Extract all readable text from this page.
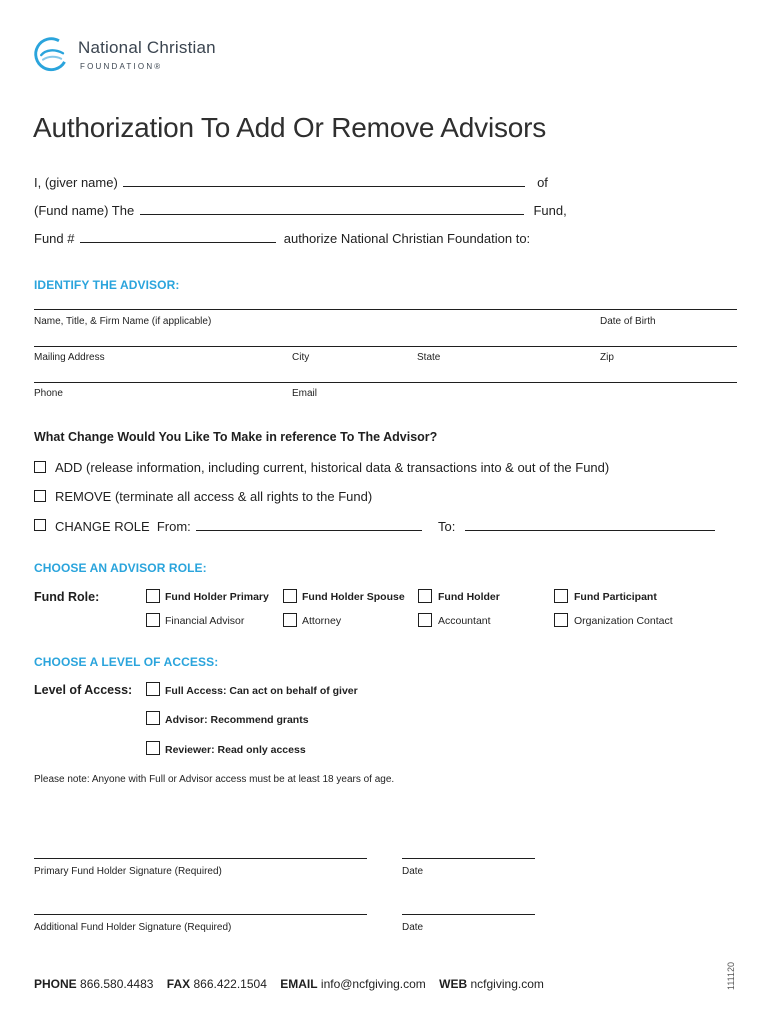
National Christian
FOUNDATION®
Authorization To Add Or Remove Advisors
I, (giver name)	of
(Fund name) The	Fund,
Fund #	authorize National Christian Foundation to:
IDENTIFY THE ADVISOR:
Name, Title, & Firm Name (if applicable)	Date of Birth
Mailing Address	City	State	Zip
Phone	Email
What Change Would You Like To Make in reference To The Advisor?
ADD (release information, including current, historical data & transactions into & out of the Fund)
REMOVE (terminate all access & all rights to the Fund)
CHANGE ROLE  From:	To:
CHOOSE AN ADVISOR ROLE:
Fund Role:	Fund Holder Primary	Fund Holder Spouse	Fund Holder	Fund Participant
Financial Advisor	Attorney	Accountant	Organization Contact
CHOOSE A LEVEL OF ACCESS:
Level of Access:	Full Access: Can act on behalf of giver
Advisor: Recommend grants
Reviewer: Read only access
Please note: Anyone with Full or Advisor access must be at least 18 years of age.
Primary Fund Holder Signature (Required)	Date
Additional Fund Holder Signature (Required)	Date
PHONE 866.580.4483 FAX 866.422.1504 EMAIL info@ncfgiving.com WEB ncfgiving.com	111120
